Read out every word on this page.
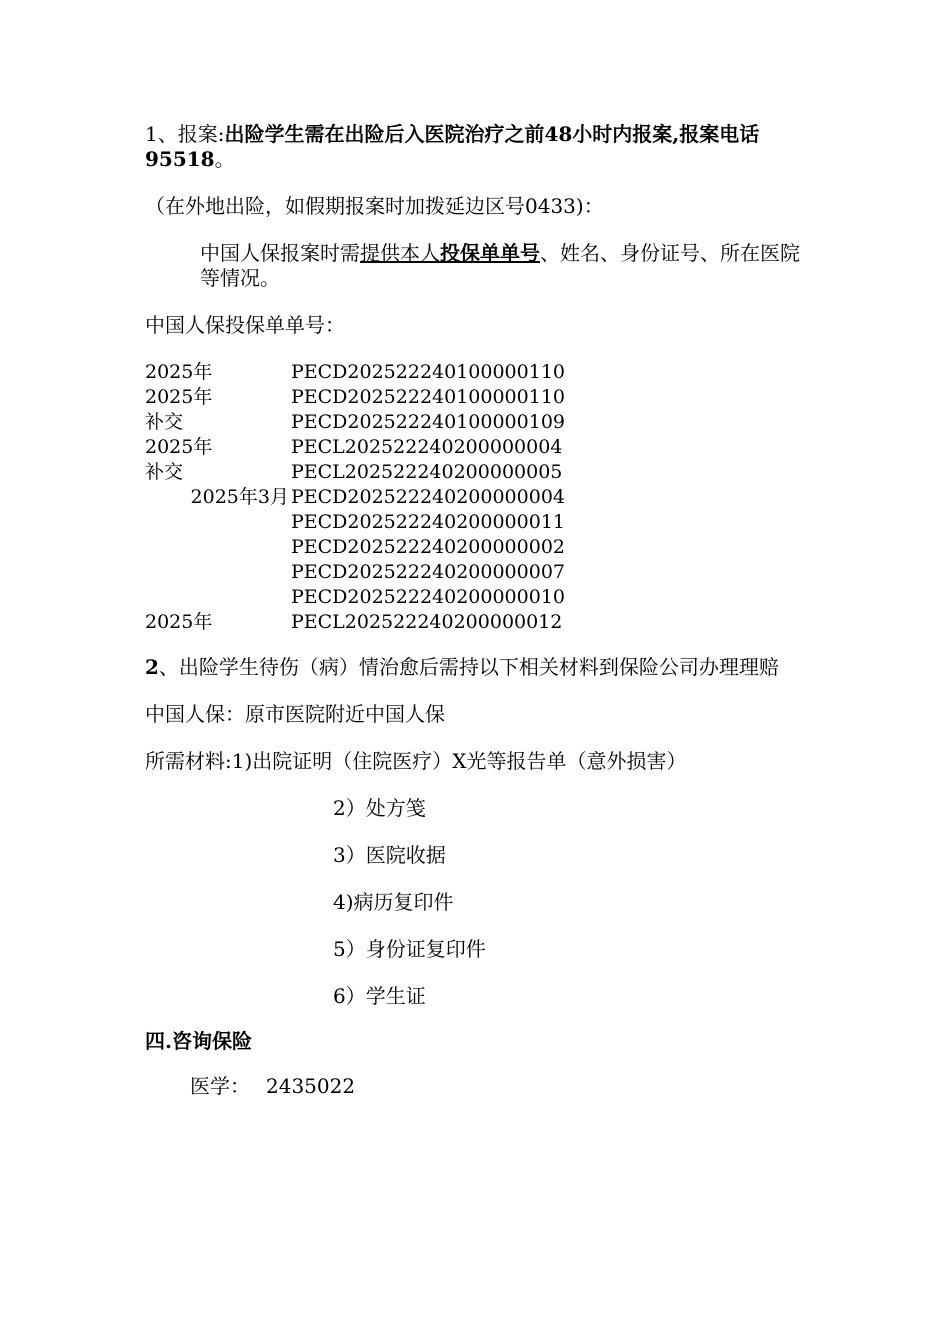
1、报案:出险学生需在出险后入医院治疗之前48小时内报案,报案电话95518。

（在外地出险，如假期报案时加拨延边区号0433)：

中国人保报案时需提供本人投保单单号、姓名、身份证号、所在医院等情况。

中国人保投保单单号：

2025年	PECD202522240100000110
2025年	PECD202522240100000110
补交	PECD202522240100000109
2025年	PECL202522240200000004
补交	PECL202522240200000005
2025年3月	PECD202522240200000004
	PECD202522240200000011
	PECD202522240200000002
	PECD202522240200000007
	PECD202522240200000010
2025年	PECL202522240200000012

2、出险学生待伤（病）情治愈后需持以下相关材料到保险公司办理理赔

中国人保：原市医院附近中国人保

所需材料:1)出院证明（住院医疗）X光等报告单（意外损害）

2）处方笺
3）医院收据
4)病历复印件
5）身份证复印件
6）学生证

四.咨询保险

医学： 2435022
